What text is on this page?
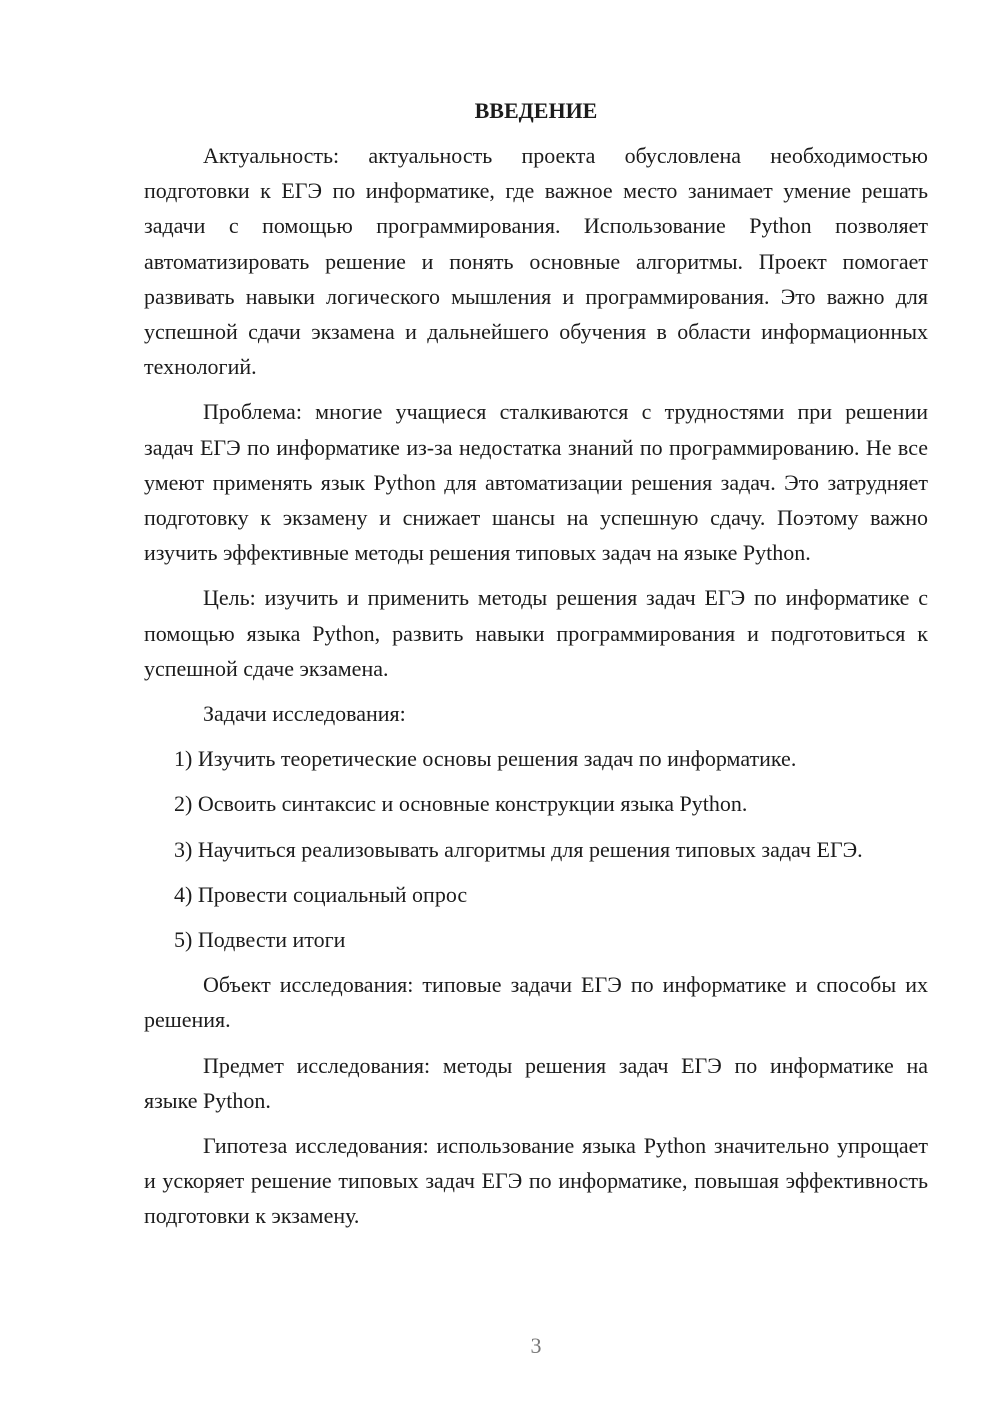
ВВЕДЕНИЕ

Актуальность: актуальность проекта обусловлена необходимостью подготовки к ЕГЭ по информатике, где важное место занимает умение решать задачи с помощью программирования. Использование Python позволяет автоматизировать решение и понять основные алгоритмы. Проект помогает развивать навыки логического мышления и программирования. Это важно для успешной сдачи экзамена и дальнейшего обучения в области информационных технологий.

Проблема: многие учащиеся сталкиваются с трудностями при решении задач ЕГЭ по информатике из-за недостатка знаний по программированию. Не все умеют применять язык Python для автоматизации решения задач. Это затрудняет подготовку к экзамену и снижает шансы на успешную сдачу. Поэтому важно изучить эффективные методы решения типовых задач на языке Python.

Цель: изучить и применить методы решения задач ЕГЭ по информатике с помощью языка Python, развить навыки программирования и подготовиться к успешной сдаче экзамена.

Задачи исследования:

1) Изучить теоретические основы решения задач по информатике.

2) Освоить синтаксис и основные конструкции языка Python.

3) Научиться реализовывать алгоритмы для решения типовых задач ЕГЭ.

4) Провести социальный опрос

5) Подвести итоги

Объект исследования: типовые задачи ЕГЭ по информатике и способы их решения.

Предмет исследования: методы решения задач ЕГЭ по информатике на языке Python.

Гипотеза исследования: использование языка Python значительно упрощает и ускоряет решение типовых задач ЕГЭ по информатике, повышая эффективность подготовки к экзамену.

3
